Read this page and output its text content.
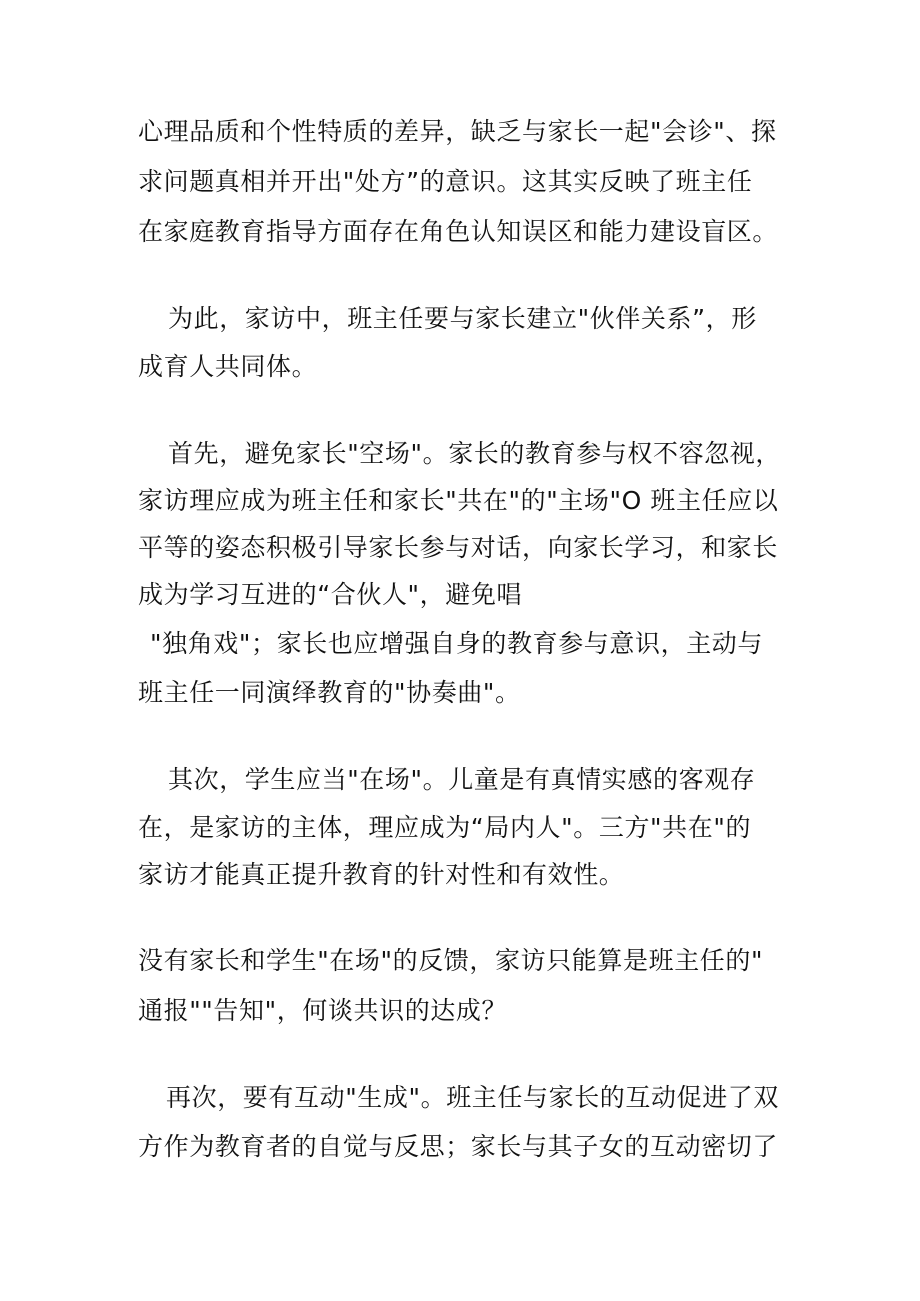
心理品质和个性特质的差异，缺乏与家长一起"会诊"、探
求问题真相并开出"处方”的意识。这其实反映了班主任
在家庭教育指导方面存在角色认知误区和能力建设盲区。
为此，家访中，班主任要与家长建立"伙伴关系”，形
成育人共同体。
首先，避免家长"空场"。家长的教育参与权不容忽视，
家访理应成为班主任和家长"共在"的"主场"O 班主任应以
平等的姿态积极引导家长参与对话，向家长学习，和家长
成为学习互进的“合伙人"，避免唱
"独角戏"；家长也应增强自身的教育参与意识，主动与
班主任一同演绎教育的"协奏曲"。
其次，学生应当"在场"。儿童是有真情实感的客观存
在，是家访的主体，理应成为“局内人"。三方"共在"的
家访才能真正提升教育的针对性和有效性。
没有家长和学生"在场"的反馈，家访只能算是班主任的"
通报""告知"，何谈共识的达成？
再次，要有互动"生成"。班主任与家长的互动促进了双
方作为教育者的自觉与反思；家长与其子女的互动密切了
